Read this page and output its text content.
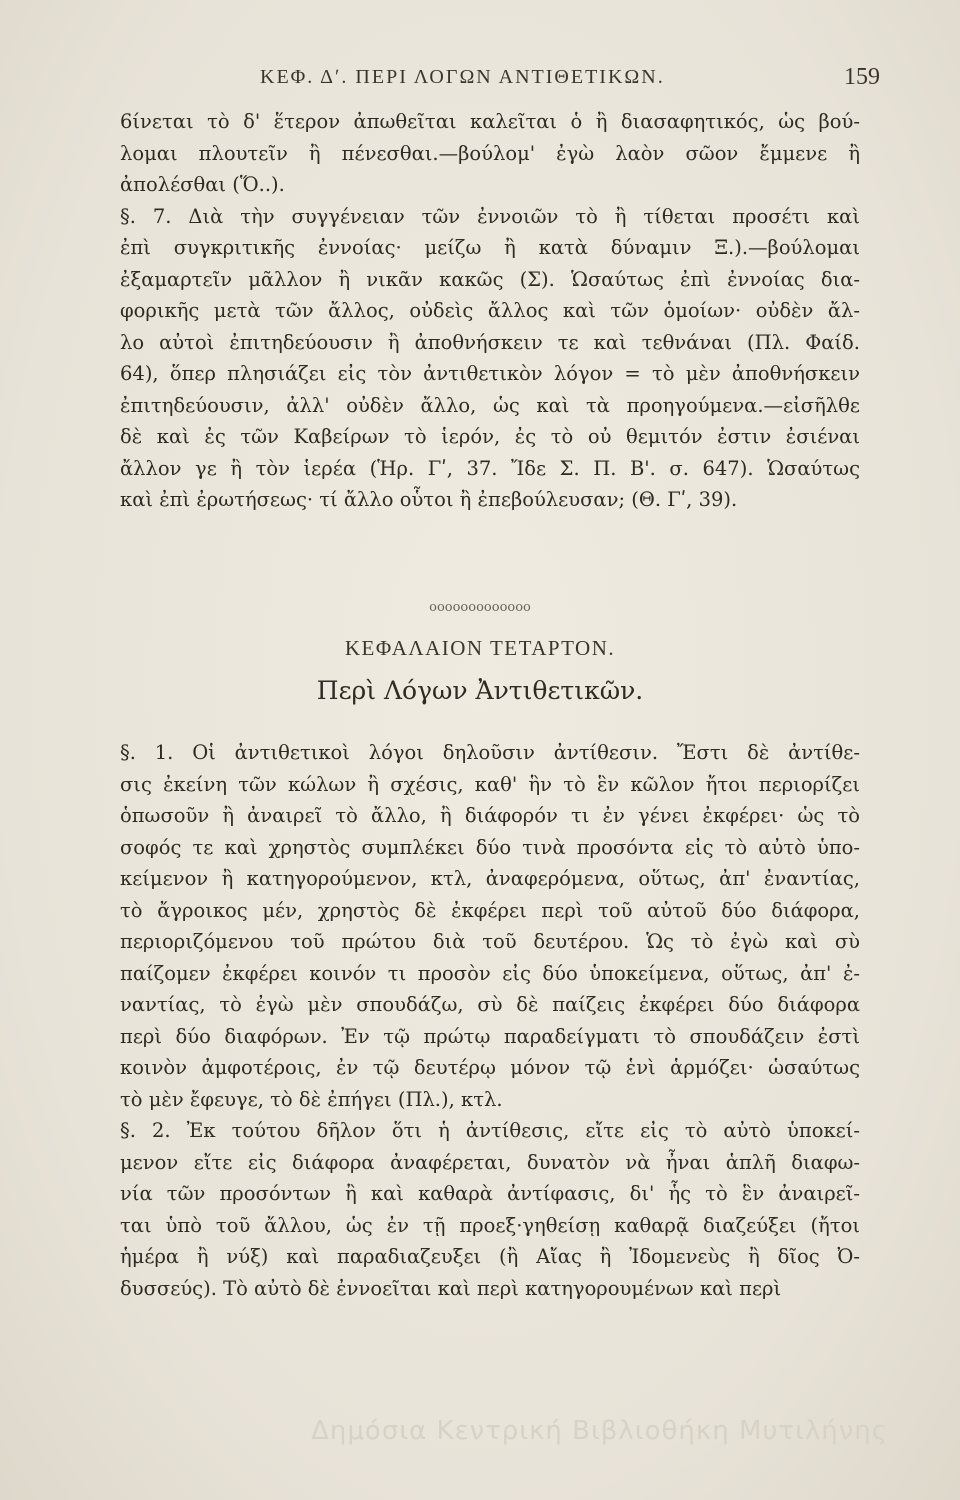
ΚΕΦ. Δʹ. ΠΕΡΙ ΛΟΓΩΝ ΑΝΤΙΘΕΤΙΚΩΝ.	159
6ίνεται τὸ δ' ἕτερον ἀπωθεῖται καλεῖται ὁ ἢ διασαφητικός, ὡς βού-
λομαι πλουτεῖν ἢ πένεσθαι.—βούλομ' ἐγὼ λαὸν σῶον ἔμμενε ἢ
ἀπολέσθαι (Ὅ..).
§. 7. Διὰ τὴν συγγένειαν τῶν ἐννοιῶν τὸ ἢ τίθεται προσέτι καὶ
ἐπὶ συγκριτικῆς ἐννοίας· μείζω ἢ κατὰ δύναμιν Ξ.).—βούλομαι
ἐξαμαρτεῖν μᾶλλον ἢ νικᾶν κακῶς (Σ). Ὡσαύτως ἐπὶ ἐννοίας δια-
φορικῆς μετὰ τῶν ἄλλος, οὐδεὶς ἄλλος καὶ τῶν ὁμοίων· οὐδὲν ἄλ-
λο αὐτοὶ ἐπιτηδεύουσιν ἢ ἀποθνήσκειν τε καὶ τεθνάναι (Πλ. Φαίδ.
64), ὅπερ πλησιάζει εἰς τὸν ἀντιθετικὸν λόγον = τὸ μὲν ἀποθνήσκειν
ἐπιτηδεύουσιν, ἀλλ' οὐδὲν ἄλλο, ὡς καὶ τὰ προηγούμενα.—εἰσῆλθε
δὲ καὶ ἐς τῶν Καβείρων τὸ ἱερόν, ἐς τὸ οὐ θεμιτόν ἐστιν ἐσιέναι
ἄλλον γε ἢ τὸν ἱερέα (Ἡρ. Γʹ, 37. Ἴδε Σ. Π. Β'. σ. 647). Ὡσαύτως
καὶ ἐπὶ ἐρωτήσεως· τί ἄλλο οὗτοι ἢ ἐπεβούλευσαν; (Θ. Γʹ, 39).
ooooooooooooo
ΚΕΦΑΛΑΙΟΝ ΤΕΤΑΡΤΟΝ.
Περὶ Λόγων Ἀντιθετικῶν.
§. 1. Οἱ ἀντιθετικοὶ λόγοι δηλοῦσιν ἀντίθεσιν. Ἔστι δὲ ἀντίθε-
σις ἐκείνη τῶν κώλων ἢ σχέσις, καθ' ἣν τὸ ἓν κῶλον ἤτοι περιορίζει
ὁπωσοῦν ἢ ἀναιρεῖ τὸ ἄλλο, ἢ διάφορόν τι ἐν γένει ἐκφέρει· ὡς τὸ
σοφός τε καὶ χρηστὸς συμπλέκει δύο τινὰ προσόντα εἰς τὸ αὐτὸ ὑπο-
κείμενον ἢ κατηγορούμενον, κτλ, ἀναφερόμενα, οὕτως, ἀπ' ἐναντίας,
τὸ ἄγροικος μέν, χρηστὸς δὲ ἐκφέρει περὶ τοῦ αὐτοῦ δύο διάφορα,
περιοριζόμενου τοῦ πρώτου διὰ τοῦ δευτέρου. Ὡς τὸ ἐγὼ καὶ σὺ
παίζομεν ἐκφέρει κοινόν τι προσὸν εἰς δύο ὑποκείμενα, οὕτως, ἀπ' ἐ-
ναντίας, τὸ ἐγὼ μὲν σπουδάζω, σὺ δὲ παίζεις ἐκφέρει δύο διάφορα
περὶ δύο διαφόρων. Ἐν τῷ πρώτῳ παραδείγματι τὸ σπουδάζειν ἐστὶ
κοινὸν ἀμφοτέροις, ἐν τῷ δευτέρῳ μόνον τῷ ἑνὶ ἁρμόζει· ὡσαύτως
τὸ μὲν ἔφευγε, τὸ δὲ ἐπήγει (Πλ.), κτλ.
§. 2. Ἐκ τούτου δῆλον ὅτι ἡ ἀντίθεσις, εἴτε εἰς τὸ αὐτὸ ὑποκεί-
μενον εἴτε εἰς διάφορα ἀναφέρεται, δυνατὸν νὰ ἦναι ἁπλῆ διαφω-
νία τῶν προσόντων ἢ καὶ καθαρὰ ἀντίφασις, δι' ἧς τὸ ἓν ἀναιρεῖ-
ται ὑπὸ τοῦ ἄλλου, ὡς ἐν τῇ προεξ·γηθείσῃ καθαρᾷ διαζεύξει (ἤτοι
ἡμέρα ἢ νύξ) καὶ παραδιαζευξει (ἢ Αἴας ἢ Ἰδομενεὺς ἢ δῖος Ὀ-
δυσσεύς). Τὸ αὐτὸ δὲ ἐννοεῖται καὶ περὶ κατηγορουμένων καὶ περὶ
Δημόσια Κεντρική Βιβλιοθήκη Μυτιλήνης
